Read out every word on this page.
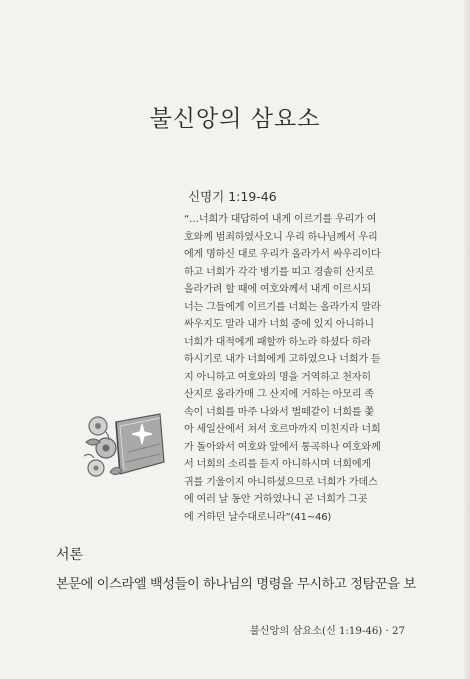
불신앙의 삼요소
신명기 1:19-46
“…너희가 대답하여 내게 이르기를 우리가 여
호와께 범죄하였사오니 우리 하나님께서 우리
에게 명하신 대로 우리가 올라가서 싸우리이다
하고 너희가 각각 병기를 띠고 경솔히 산지로
올라가려 할 때에 여호와께서 내게 이르시되
너는 그들에게 이르기를 너희는 올라가지 말라
싸우지도 말라 내가 너희 중에 있지 아니하니
너희가 대적에게 패할까 하노라 하셨다 하라
하시기로 내가 너희에게 고하였으나 너희가 듣
지 아니하고 여호와의 명을 거역하고 천자히
산지로 올라가매 그 산지에 거하는 아모리 족
속이 너희를 마주 나와서 벌떼같이 너희를 쫓
아 세일산에서 쳐서 호르마까지 미친지라 너희
가 돌아와서 여호와 앞에서 통곡하나 여호와께
서 너희의 소리를 듣지 아니하시며 너희에게
귀를 기울이지 아니하셨으므로 너희가 가데스
에 여러 날 동안 거하였나니 곧 너희가 그곳
에 거하던 날수대로니라”(41~46)
서론
본문에 이스라엘 백성들이 하나님의 명령을 무시하고 정탐꾼을 보
불신앙의 삼요소(신 1:19-46) · 27
